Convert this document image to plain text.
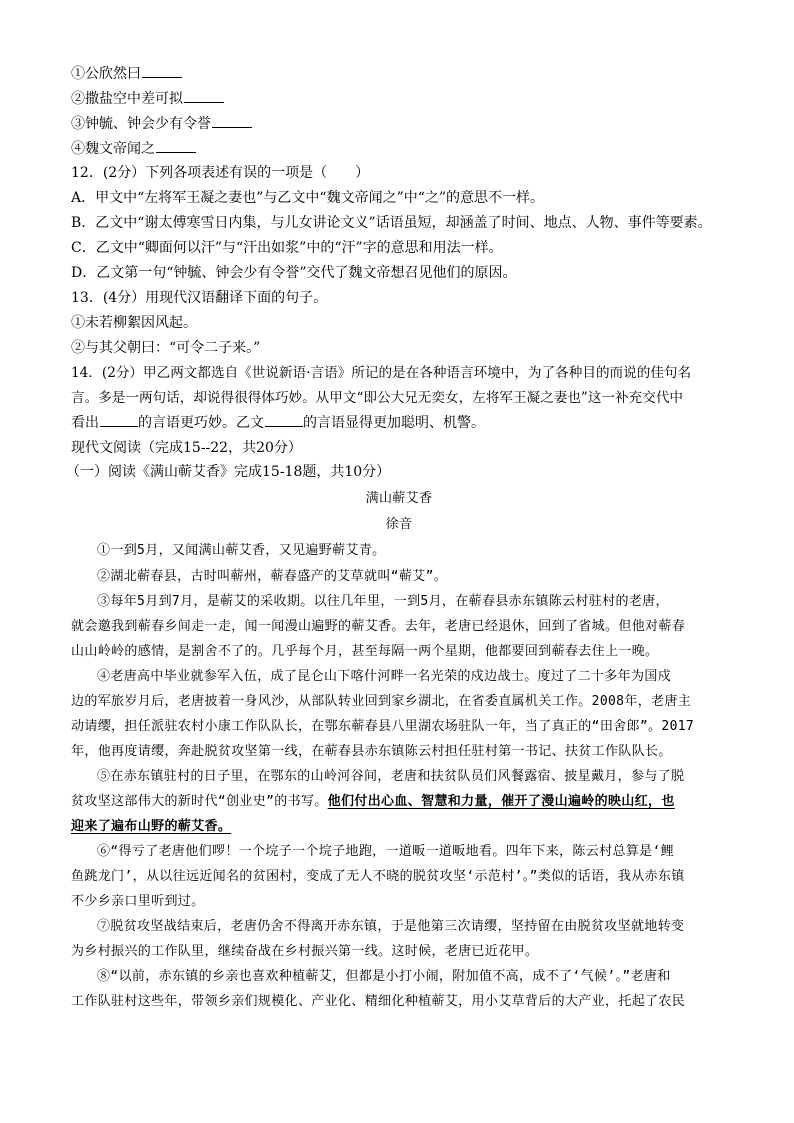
①公欣然曰
②撒盐空中差可拟
③钟毓、钟会少有令誉
④魏文帝闻之
12．(2分）下列各项表述有误的一项是（　　）
A．甲文中“左将军王凝之妻也”与乙文中“魏文帝闻之”中“之”的意思不一样。
B．乙文中“谢太傅寒雪日内集，与儿女讲论文义”话语虽短，却涵盖了时间、地点、人物、事件等要素。
C．乙文中“卿面何以汗”与“汗出如浆”中的“汗”字的意思和用法一样。
D．乙文第一句“钟毓、钟会少有令誉”交代了魏文帝想召见他们的原因。
13．(4分）用现代汉语翻译下面的句子。
①未若柳絮因风起。
②与其父朝曰：“可令二子来。”
14．(2分）甲乙两文都选自《世说新语·言语》所记的是在各种语言环境中，为了各种目的而说的佳句名
言。多是一两句话，却说得很得体巧妙。从甲文“即公大兄无奕女，左将军王凝之妻也”这一补充交代中
看出	的言语更巧妙。乙文	的言语显得更加聪明、机警。
现代文阅读（完成15--22，共20分）
（一）阅读《满山蕲艾香》完成15-18题，共10分）
满山蕲艾香
徐音
①一到5月，又闻满山蕲艾香，又见遍野蕲艾青。
②湖北蕲春县，古时叫蕲州，蕲春盛产的艾草就叫“蕲艾”。
③每年5月到7月，是蕲艾的采收期。以往几年里，一到5月，在蕲春县赤东镇陈云村驻村的老唐，
就会邀我到蕲春乡间走一走，闻一闻漫山遍野的蕲艾香。去年，老唐已经退休，回到了省城。但他对蕲春
山山岭岭的感情，是割舍不了的。几乎每个月，甚至每隔一两个星期，他都要回到蕲春去住上一晚。
④老唐高中毕业就参军入伍，成了昆仑山下喀什河畔一名光荣的戍边战士。度过了二十多年为国戍
边的军旅岁月后，老唐披着一身风沙，从部队转业回到家乡湖北，在省委直属机关工作。2008年，老唐主
动请缨，担任派驻农村小康工作队队长，在鄂东蕲春县八里湖农场驻队一年，当了真正的“田舍郎”。2017
年，他再度请缨，奔赴脱贫攻坚第一线，在蕲春县赤东镇陈云村担任驻村第一书记、扶贫工作队队长。
⑤在赤东镇驻村的日子里，在鄂东的山岭河谷间，老唐和扶贫队员们风餐露宿、披星戴月，参与了脱
贫攻坚这部伟大的新时代“创业史”的书写。他们付出心血、智慧和力量，催开了漫山遍岭的映山红，也
迎来了遍布山野的蕲艾香。
⑥“得亏了老唐他们啰！一个垸子一个垸子地跑，一道畈一道畈地看。四年下来，陈云村总算是‘鲤
鱼跳龙门’，从以往远近闻名的贫困村，变成了无人不晓的脱贫攻坚‘示范村’。”类似的话语，我从赤东镇
不少乡亲口里听到过。
⑦脱贫攻坚战结束后，老唐仍舍不得离开赤东镇，于是他第三次请缨，坚持留在由脱贫攻坚就地转变
为乡村振兴的工作队里，继续奋战在乡村振兴第一线。这时候，老唐已近花甲。
⑧“以前，赤东镇的乡亲也喜欢种植蕲艾，但都是小打小闹，附加值不高，成不了‘气候’。”老唐和
工作队驻村这些年，带领乡亲们规模化、产业化、精细化种植蕲艾，用小艾草背后的大产业，托起了农民
